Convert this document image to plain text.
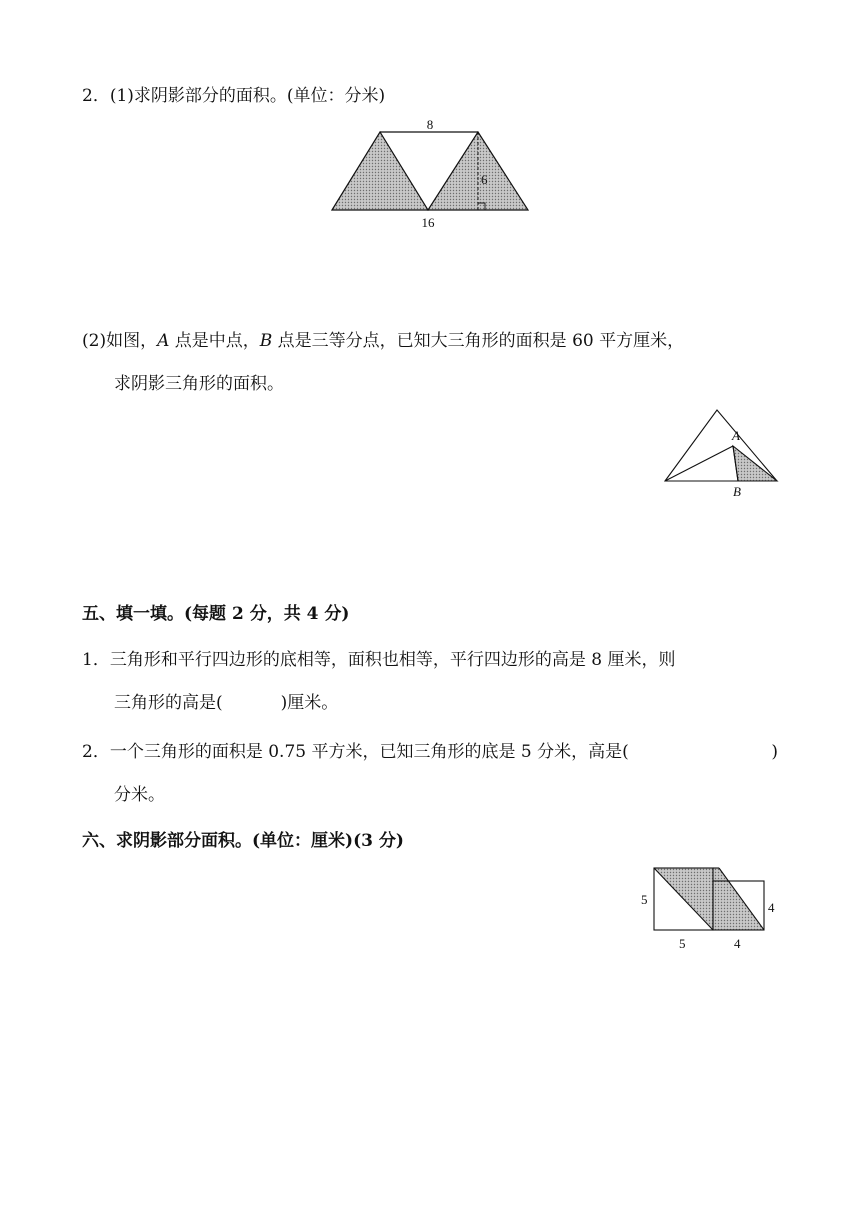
2．(1)求阴影部分的面积。(单位：分米)
8
6
16
(2)如图，A 点是中点，B 点是三等分点，已知大三角形的面积是 60 平方厘米，
求阴影三角形的面积。
A
B
五、填一填。(每题 2 分，共 4 分)
1．三角形和平行四边形的底相等，面积也相等，平行四边形的高是 8 厘米，则
三角形的高是(	)厘米。
2．一个三角形的面积是 0.75 平方米，已知三角形的底是 5 分米，高是(	)
分米。
六、求阴影部分面积。(单位：厘米)(3 分)
5
4
5	4
